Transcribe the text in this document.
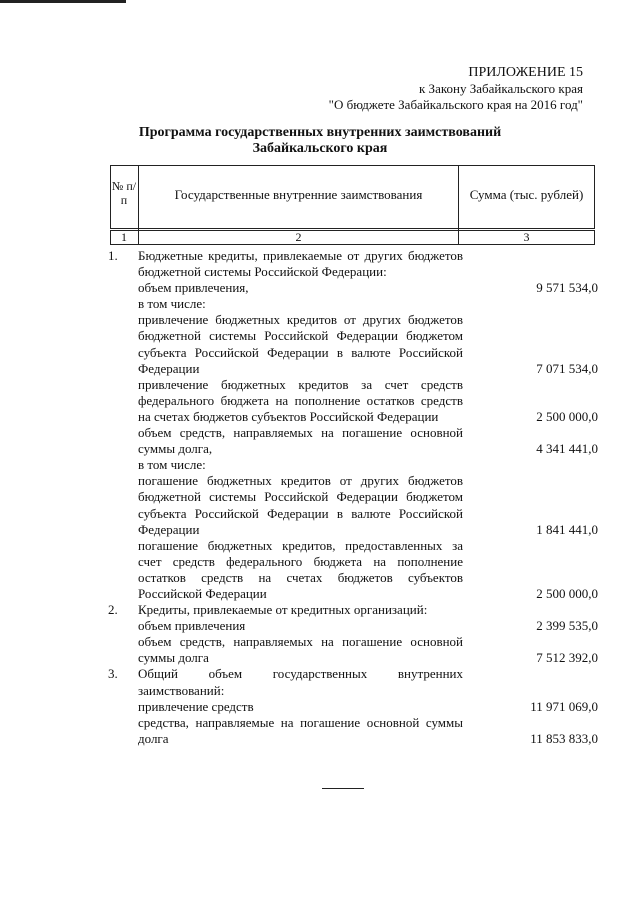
ПРИЛОЖЕНИЕ 15
к Закону Забайкальского края
"О бюджете Забайкальского края на 2016 год"
Программа государственных внутренних заимствований
Забайкальского края
№ п/п	Государственные внутренние заимствования	Сумма (тыс. рублей)
1	2	3
1.	Бюджетные кредиты, привлекаемые от других бюджетов бюджетной системы Российской Федерации:
объем привлечения,	9 571 534,0
в том числе:
привлечение бюджетных кредитов от других бюджетов бюджетной системы Российской Федерации бюджетом субъекта Российской Федерации в валюте Российской Федерации	7 071 534,0
привлечение бюджетных кредитов за счет средств федерального бюджета на пополнение остатков средств на счетах бюджетов субъектов Российской Федерации	2 500 000,0
объем средств, направляемых на погашение основной суммы долга,	4 341 441,0
в том числе:
погашение бюджетных кредитов от других бюджетов бюджетной системы Российской Федерации бюджетом субъекта Российской Федерации в валюте Российской Федерации	1 841 441,0
погашение бюджетных кредитов, предоставленных за счет средств федерального бюджета на пополнение остатков средств на счетах бюджетов субъектов Российской Федерации	2 500 000,0
2.	Кредиты, привлекаемые от кредитных организаций:
объем привлечения	2 399 535,0
объем средств, направляемых на погашение основной суммы долга	7 512 392,0
3.	Общий объем государственных внутренних заимствований:
привлечение средств	11 971 069,0
средства, направляемые на погашение основной суммы долга	11 853 833,0
